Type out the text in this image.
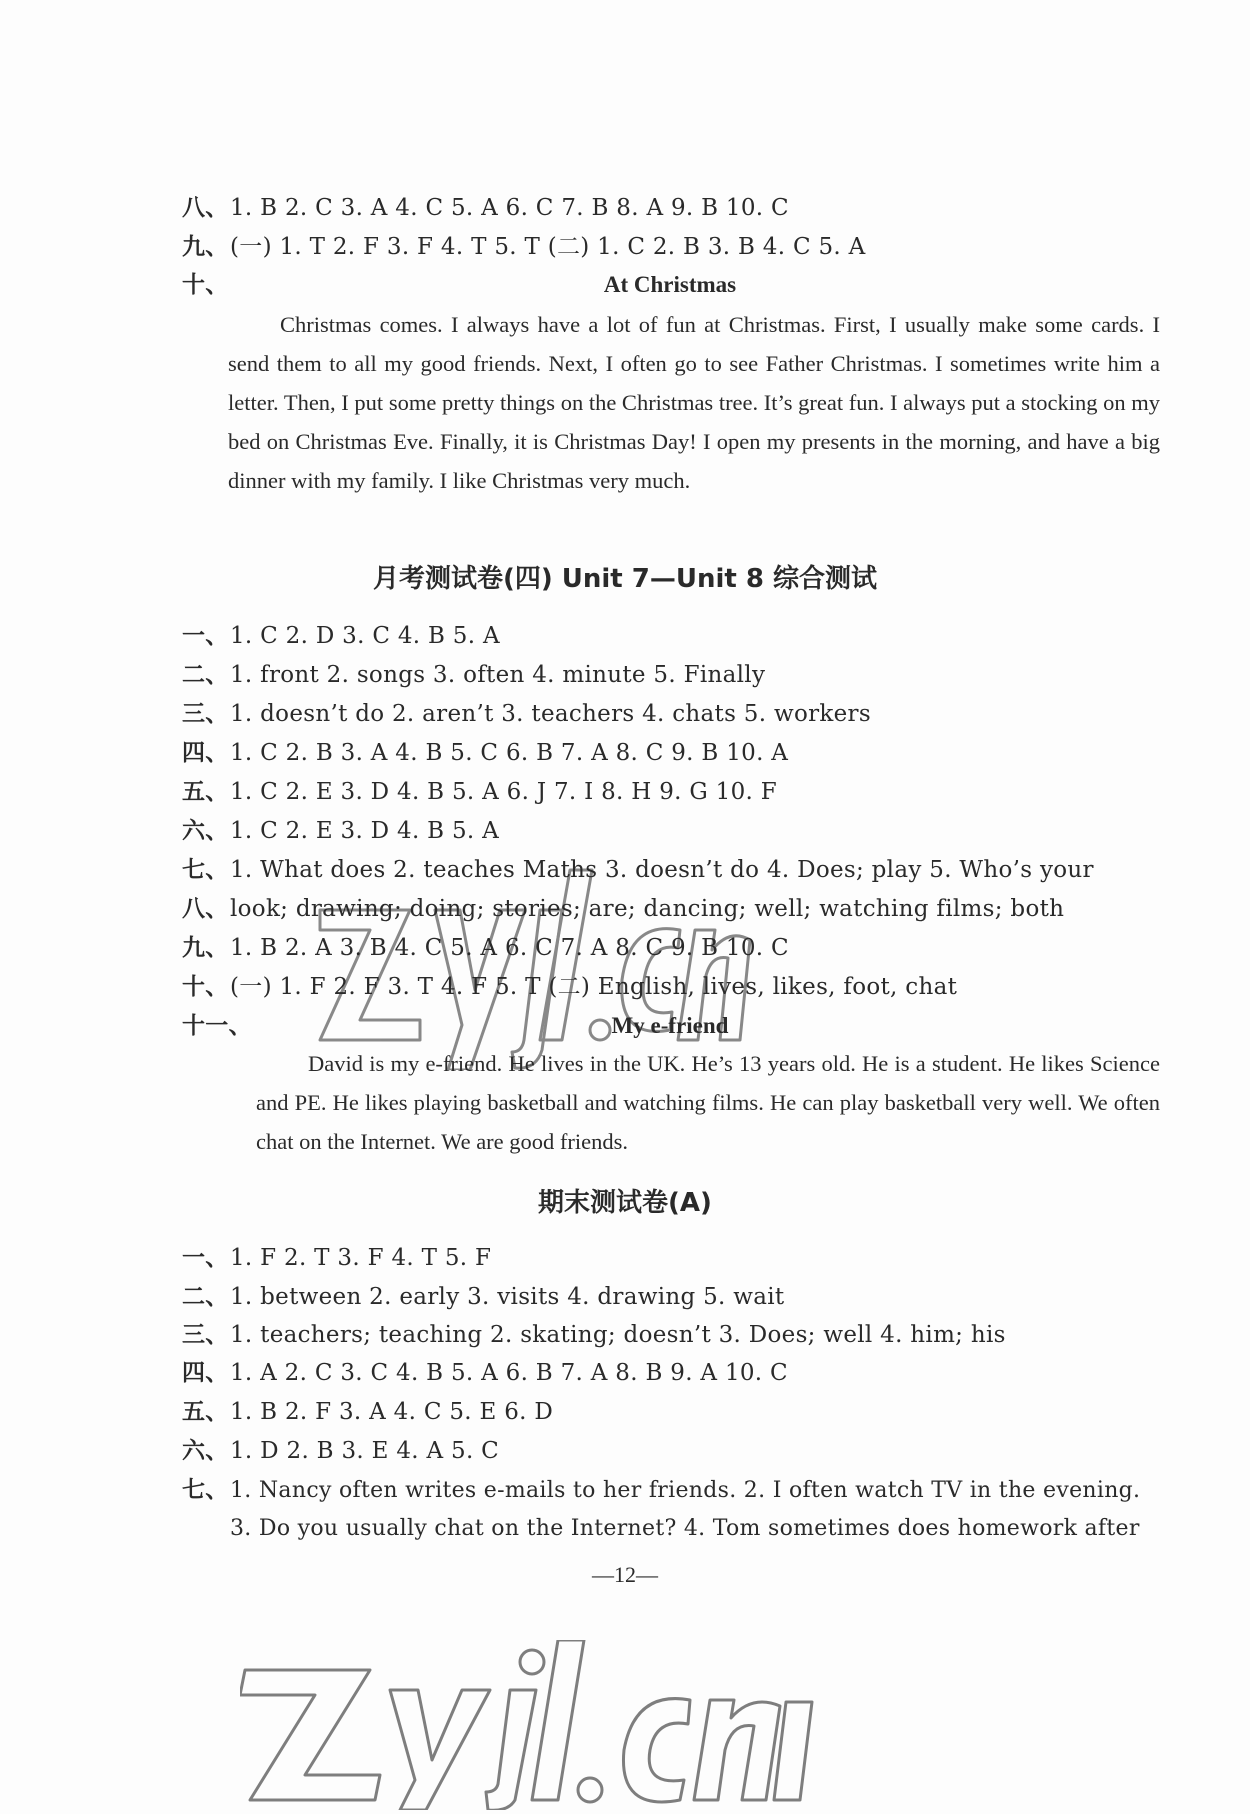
八、1. B 2. C 3. A 4. C 5. A 6. C 7. B 8. A 9. B 10. C
九、(一) 1. T 2. F 3. F 4. T 5. T (二) 1. C 2. B 3. B 4. C 5. A
十、	At Christmas
Christmas comes. I always have a lot of fun at Christmas. First, I usually make some cards. I send them to all my good friends. Next, I often go to see Father Christmas. I sometimes write him a letter. Then, I put some pretty things on the Christmas tree. It’s great fun. I always put a stocking on my bed on Christmas Eve. Finally, it is Christmas Day! I open my presents in the morning, and have a big dinner with my family. I like Christmas very much.
月考测试卷(四) Unit 7—Unit 8 综合测试
一、1. C 2. D 3. C 4. B 5. A
二、1. front 2. songs 3. often 4. minute 5. Finally
三、1. doesn’t do 2. aren’t 3. teachers 4. chats 5. workers
四、1. C 2. B 3. A 4. B 5. C 6. B 7. A 8. C 9. B 10. A
五、1. C 2. E 3. D 4. B 5. A 6. J 7. I 8. H 9. G 10. F
六、1. C 2. E 3. D 4. B 5. A
七、1. What does 2. teaches Maths 3. doesn’t do 4. Does; play 5. Who’s your
八、look; drawing; doing; stories; are; dancing; well; watching films; both
九、1. B 2. A 3. B 4. C 5. A 6. C 7. A 8. C 9. B 10. C
十、(一) 1. F 2. F 3. T 4. F 5. T (二) English, lives, likes, foot, chat
十一、	My e-friend
David is my e-friend. He lives in the UK. He’s 13 years old. He is a student. He likes Science and PE. He likes playing basketball and watching films. He can play basketball very well. We often chat on the Internet. We are good friends.
期末测试卷(A)
一、1. F 2. T 3. F 4. T 5. F
二、1. between 2. early 3. visits 4. drawing 5. wait
三、1. teachers; teaching 2. skating; doesn’t 3. Does; well 4. him; his
四、1. A 2. C 3. C 4. B 5. A 6. B 7. A 8. B 9. A 10. C
五、1. B 2. F 3. A 4. C 5. E 6. D
六、1. D 2. B 3. E 4. A 5. C
七、1. Nancy often writes e-mails to her friends. 2. I often watch TV in the evening.
3. Do you usually chat on the Internet? 4. Tom sometimes does homework after
—12—
